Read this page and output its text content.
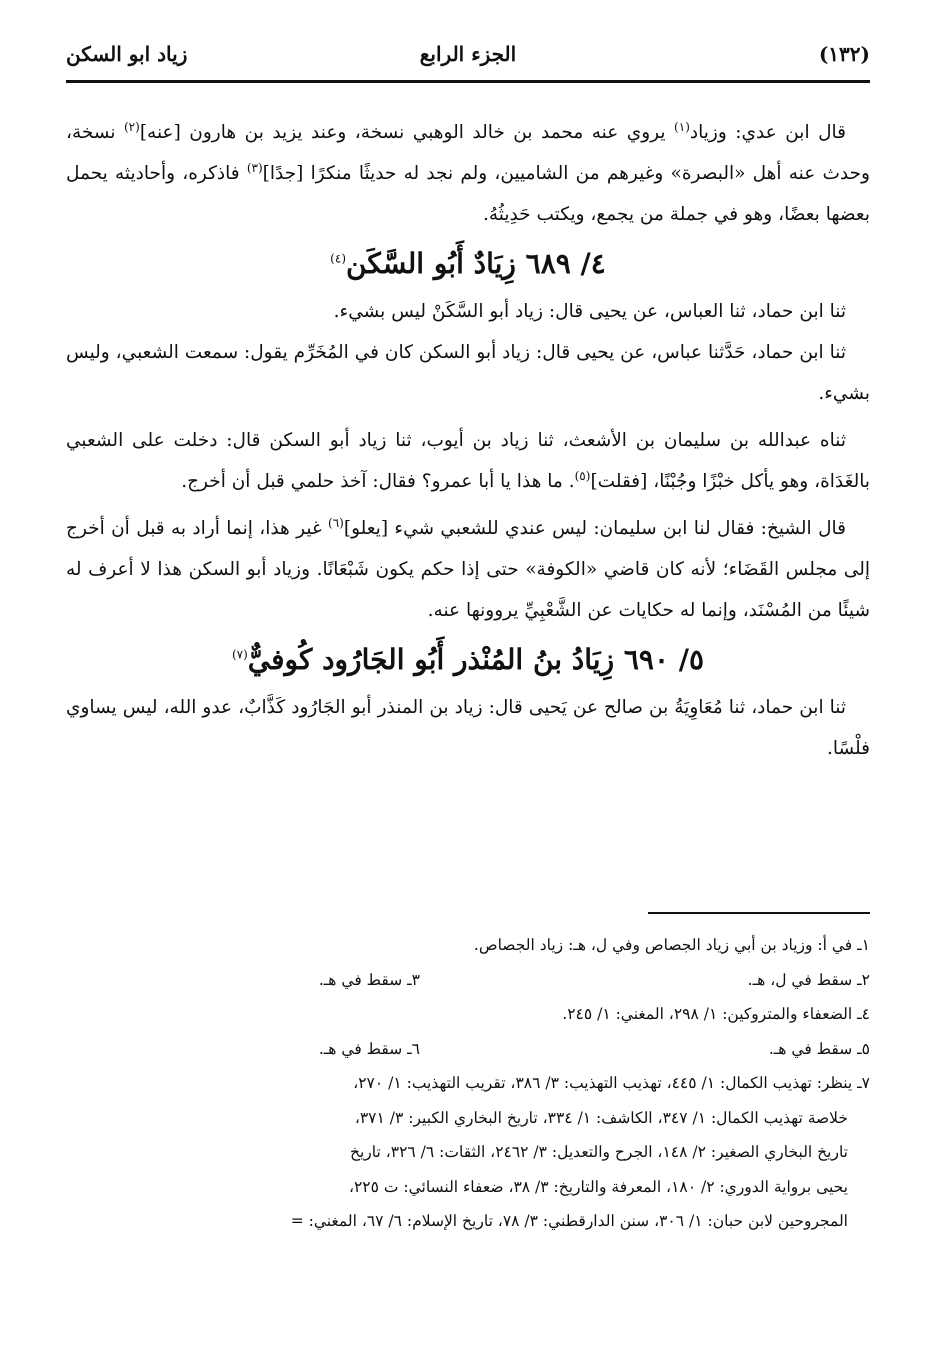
(١٣٢)
الجزء الرابع
زياد ابو السكن

قال ابن عدي: وزياد$^{(١)}$ يروي عنه محمد بن خالد الوهبي نسخة، وعند يزيد بن هارون [عنه]$^{(٢)}$ نسخة، وحدث عنه أهل «البصرة» وغيرهم من الشاميين، ولم نجد له حديثًا منكرًا [جدًا]$^{(٣)}$ فاذكره، وأحاديثه يحمل بعضها بعضًا، وهو في جملة من يجمع، ويكتب حَدِيثُهُ.

٤/ ٦٨٩ زِيَادٌ أَبُو السَّكَن$^{(٤)}$

ثنا ابن حماد، ثنا العباس، عن يحيى قال: زياد أبو السَّكَنْ ليس بشيء.

ثنا ابن حماد، حَدَّثنا عباس، عن يحيى قال: زياد أبو السكن كان في المُخَرِّم يقول: سمعت الشعبي، وليس بشيء.

ثناه عبدالله بن سليمان بن الأشعث، ثنا زياد بن أيوب، ثنا زياد أبو السكن قال: دخلت على الشعبي بالغَدَاة، وهو يأكل خبْزًا وجُبْنًا، [فقلت]$^{(٥)}$. ما هذا يا أبا عمرو؟ فقال: آخذ حلمي قبل أن أخرج.

قال الشيخ: فقال لنا ابن سليمان: ليس عندي للشعبي شيء [يعلو]$^{(٦)}$ غير هذا، إنما أراد به قبل أن أخرج إلى مجلس القَضَاء؛ لأنه كان قاضي «الكوفة» حتى إذا حكم يكون شَبْعَانًا. وزياد أبو السكن هذا لا أعرف له شيئًا من المُسْنَد، وإنما له حكايات عن الشَّعْبِيِّ يروونها عنه.

٥/ ٦٩٠ زِيَادُ بنُ المُنْذر أَبُو الجَارُود كُوفيٌّ$^{(٧)}$

ثنا ابن حماد، ثنا مُعَاوِيَةُ بن صالح عن يَحيى قال: زياد بن المنذر أبو الجَارُود كَذَّابٌ، عدو الله، ليس يساوي فلْسًا.

١ـ في أ: وزياد بن أبي زياد الجصاص وفي ل، هـ: زياد الجصاص.
٢ـ سقط في ل، هـ.
٣ـ سقط في هـ.
٤ـ الضعفاء والمتروكين: ١/ ٢٩٨، المغني: ١/ ٢٤٥.
٥ـ سقط في هـ.
٦ـ سقط في هـ.
٧ـ ينظر: تهذيب الكمال: ١/ ٤٤٥، تهذيب التهذيب: ٣/ ٣٨٦، تقريب التهذيب: ١/ ٢٧٠،
خلاصة تهذيب الكمال: ١/ ٣٤٧، الكاشف: ١/ ٣٣٤، تاريخ البخاري الكبير: ٣/ ٣٧١،
تاريخ البخاري الصغير: ٢/ ١٤٨، الجرح والتعديل: ٣/ ٢٤٦٢، الثقات: ٦/ ٣٢٦، تاريخ
يحيى برواية الدوري: ٢/ ١٨٠، المعرفة والتاريخ: ٣/ ٣٨، ضعفاء النسائي: ت ٢٢٥،
المجروحين لابن حبان: ١/ ٣٠٦، سنن الدارقطني: ٣/ ٧٨، تاريخ الإسلام: ٦/ ٦٧، المغني: =
